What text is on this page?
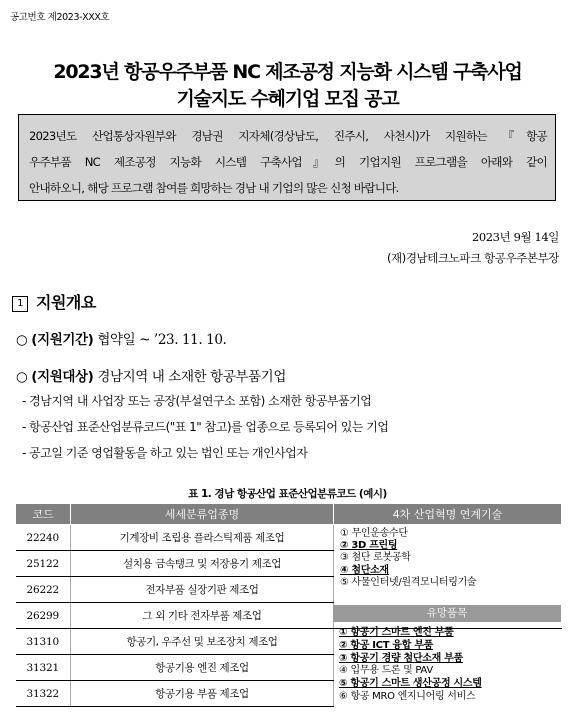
공고번호 제2023-XXX호
2023년 항공우주부품 NC 제조공정 지능화 시스템 구축사업
기술지도 수혜기업 모집 공고

2023년도 산업통상자원부와 경남권 지자체(경상남도, 진주시, 사천시)가 지원하는 『항공

우주부품 NC 제조공정 지능화 시스템 구축사업』의 기업지원 프로그램을 아래와 같이

안내하오니, 해당 프로그램 참여를 희망하는 경남 내 기업의 많은 신청 바랍니다.

2023년 9월 14일
(재)경남테크노파크 항공우주본부장
1 지원개요
○ (지원기간) 협약일 ~ ’23. 11. 10.
○ (지원대상) 경남지역 내 소재한 항공부품기업
- 경남지역 내 사업장 또는 공장(부설연구소 포함) 소재한 항공부품기업
- 항공산업 표준산업분류코드("표 1" 참고)를 업종으로 등록되어 있는 기업
- 공고일 기준 영업활동을 하고 있는 법인 또는 개인사업자
표 1. 경남 항공산업 표준산업분류코드 (예시)
코드	세세분류업종명	4차 산업혁명 연계기술
22240	기계장비 조립용 플라스틱제품 제조업	① 무인운송수단
② 3D 프린팅
③ 첨단 로봇공학
④ 첨단소재
⑤ 사물인터넷/원격모니터링기술

25122	설치용 금속탱크 및 저장용기 제조업	
26222	전자부품 실장기판 제조업	
26299	그 외 기타 전자부품 제조업	
31310	항공기, 우주선 및 보조장치 제조업	
31321	항공기용 엔진 제조업	
31322	항공기용 부품 제조업	
유망품목
① 항공기 스마트 엔진 부품
② 항공 ICT 융합 부품
③ 항공기 경량 첨단소재 부품
④ 입무용 드론 및 PAV
⑤ 항공기 스마트 생산공정 시스템
⑥ 항공 MRO 엔지니어링 서비스
